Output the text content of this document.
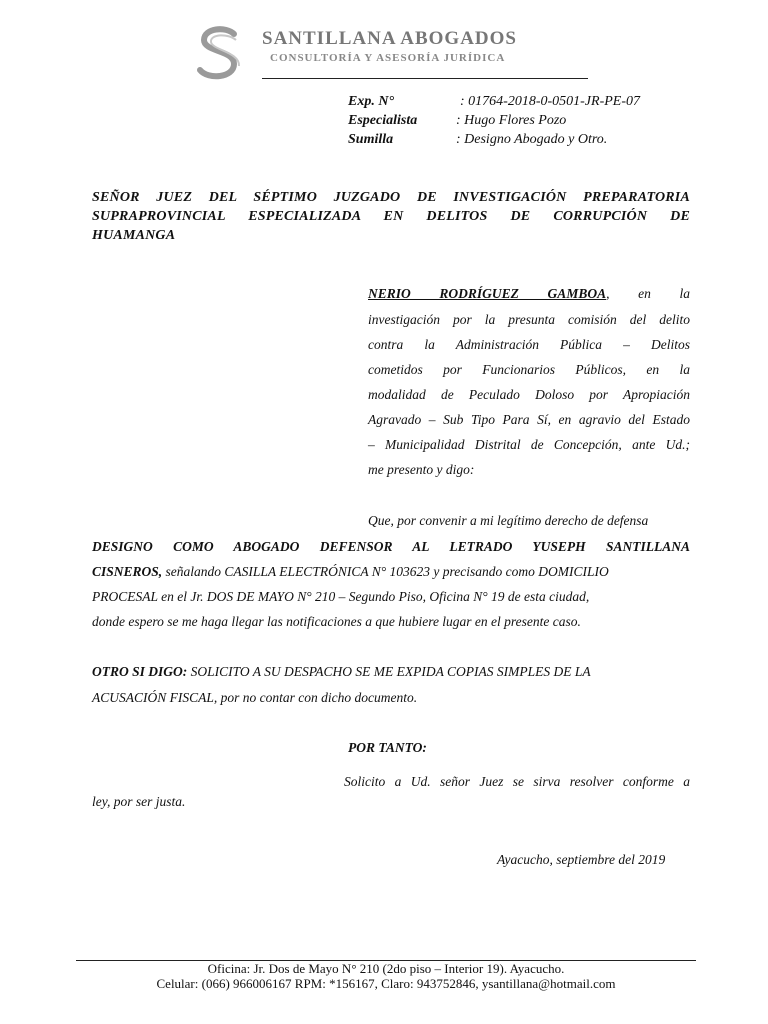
SANTILLANA ABOGADOS
CONSULTORÍA Y ASESORÍA JURÍDICA
Exp. N°	: 01764-2018-0-0501-JR-PE-07
Especialista	: Hugo Flores Pozo
Sumilla	: Designo Abogado y Otro.
SEÑOR JUEZ DEL SÉPTIMO JUZGADO DE INVESTIGACIÓN PREPARATORIA
SUPRAPROVINCIAL ESPECIALIZADA EN DELITOS DE CORRUPCIÓN DE
HUAMANGA
NERIO RODRÍGUEZ GAMBOA, en la
investigación por la presunta comisión del delito
contra la Administración Pública – Delitos
cometidos por Funcionarios Públicos, en la
modalidad de Peculado Doloso por Apropiación
Agravado – Sub Tipo Para Sí, en agravio del Estado
– Municipalidad Distrital de Concepción, ante Ud.;
me presento y digo:
Que, por convenir a mi legítimo derecho de defensa
DESIGNO COMO ABOGADO DEFENSOR AL LETRADO YUSEPH SANTILLANA
CISNEROS, señalando CASILLA ELECTRÓNICA N° 103623 y precisando como DOMICILIO
PROCESAL en el Jr. DOS DE MAYO N° 210 – Segundo Piso, Oficina N° 19 de esta ciudad,
donde espero se me haga llegar las notificaciones a que hubiere lugar en el presente caso.
OTRO SI DIGO: SOLICITO A SU DESPACHO SE ME EXPIDA COPIAS SIMPLES DE LA
ACUSACIÓN FISCAL, por no contar con dicho documento.
POR TANTO:
Solicito a Ud. señor Juez se sirva resolver conforme a
ley, por ser justa.
Ayacucho, septiembre del 2019
Oficina: Jr. Dos de Mayo N° 210 (2do piso – Interior 19). Ayacucho.
Celular: (066) 966006167 RPM: *156167, Claro: 943752846, ysantillana@hotmail.com
